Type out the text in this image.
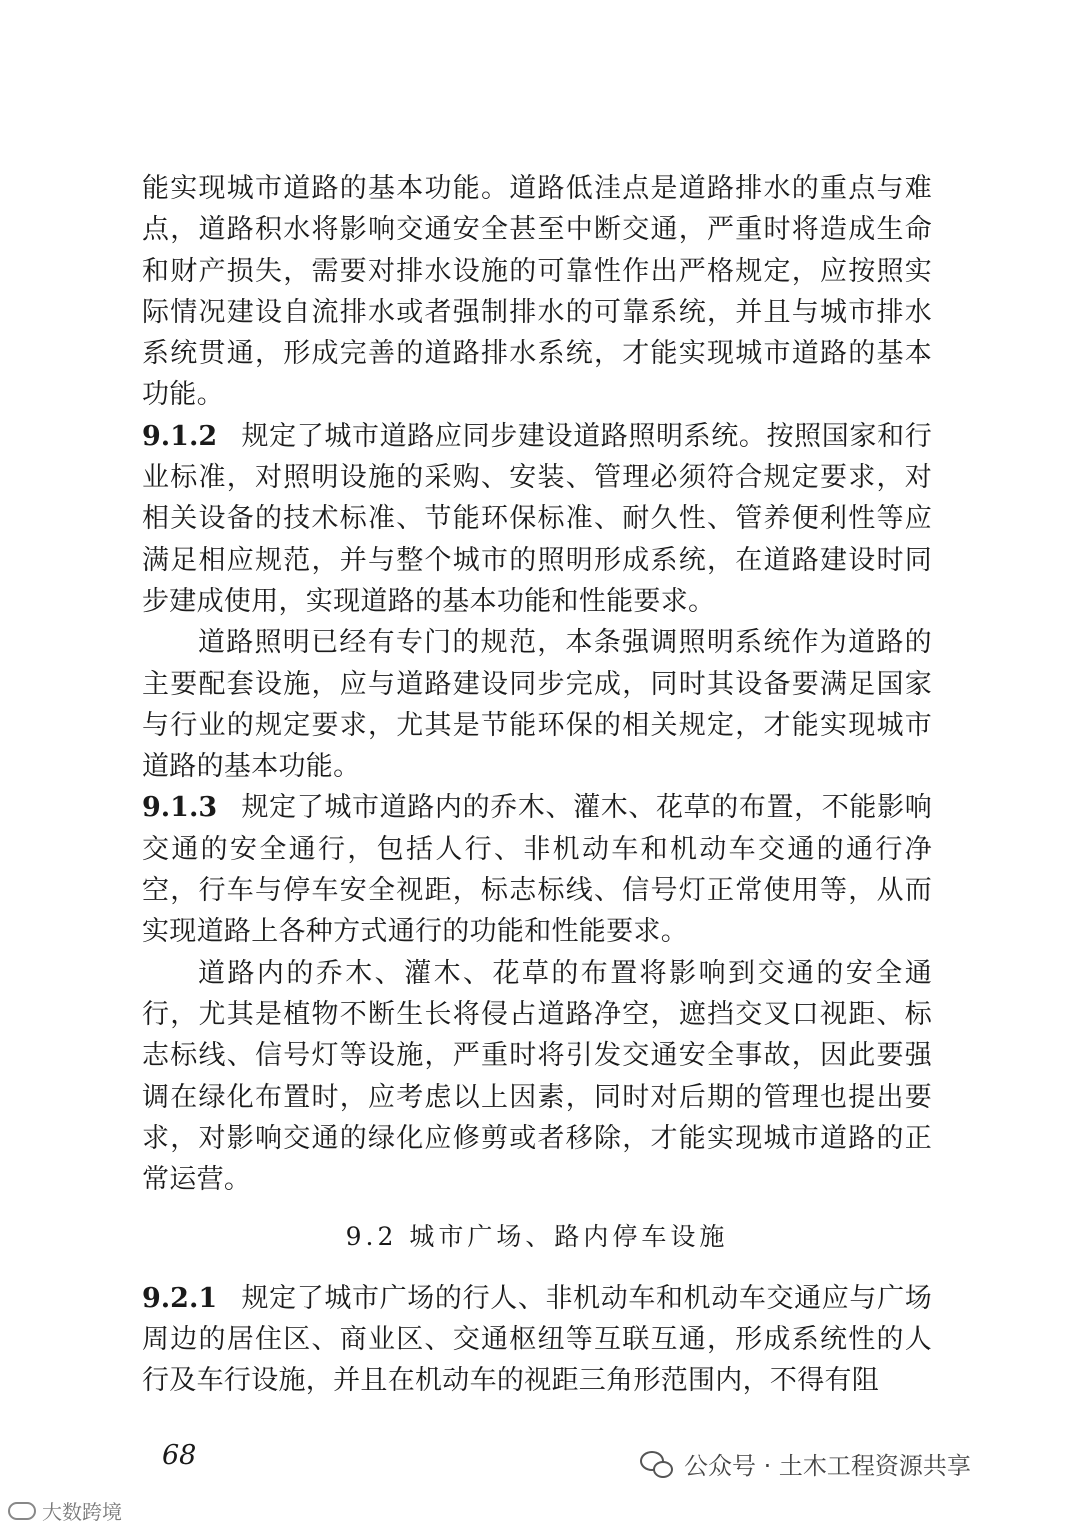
能实现城市道路的基本功能。道路低洼点是道路排水的重点与难点，道路积水将影响交通安全甚至中断交通，严重时将造成生命和财产损失，需要对排水设施的可靠性作出严格规定，应按照实际情况建设自流排水或者强制排水的可靠系统，并且与城市排水系统贯通，形成完善的道路排水系统，才能实现城市道路的基本功能。

9.1.2 规定了城市道路应同步建设道路照明系统。按照国家和行业标准，对照明设施的采购、安装、管理必须符合规定要求，对相关设备的技术标准、节能环保标准、耐久性、管养便利性等应满足相应规范，并与整个城市的照明形成系统，在道路建设时同步建成使用，实现道路的基本功能和性能要求。

道路照明已经有专门的规范，本条强调照明系统作为道路的主要配套设施，应与道路建设同步完成，同时其设备要满足国家与行业的规定要求，尤其是节能环保的相关规定，才能实现城市道路的基本功能。

9.1.3 规定了城市道路内的乔木、灌木、花草的布置，不能影响交通的安全通行，包括人行、非机动车和机动车交通的通行净空，行车与停车安全视距，标志标线、信号灯正常使用等，从而实现道路上各种方式通行的功能和性能要求。

道路内的乔木、灌木、花草的布置将影响到交通的安全通行，尤其是植物不断生长将侵占道路净空，遮挡交叉口视距、标志标线、信号灯等设施，严重时将引发交通安全事故，因此要强调在绿化布置时，应考虑以上因素，同时对后期的管理也提出要求，对影响交通的绿化应修剪或者移除，才能实现城市道路的正常运营。

9.2 城市广场、路内停车设施

9.2.1 规定了城市广场的行人、非机动车和机动车交通应与广场周边的居住区、商业区、交通枢纽等互联互通，形成系统性的人行及车行设施，并且在机动车的视距三角形范围内，不得有阻

68	公众号 · 土木工程资源共享
大数跨境
